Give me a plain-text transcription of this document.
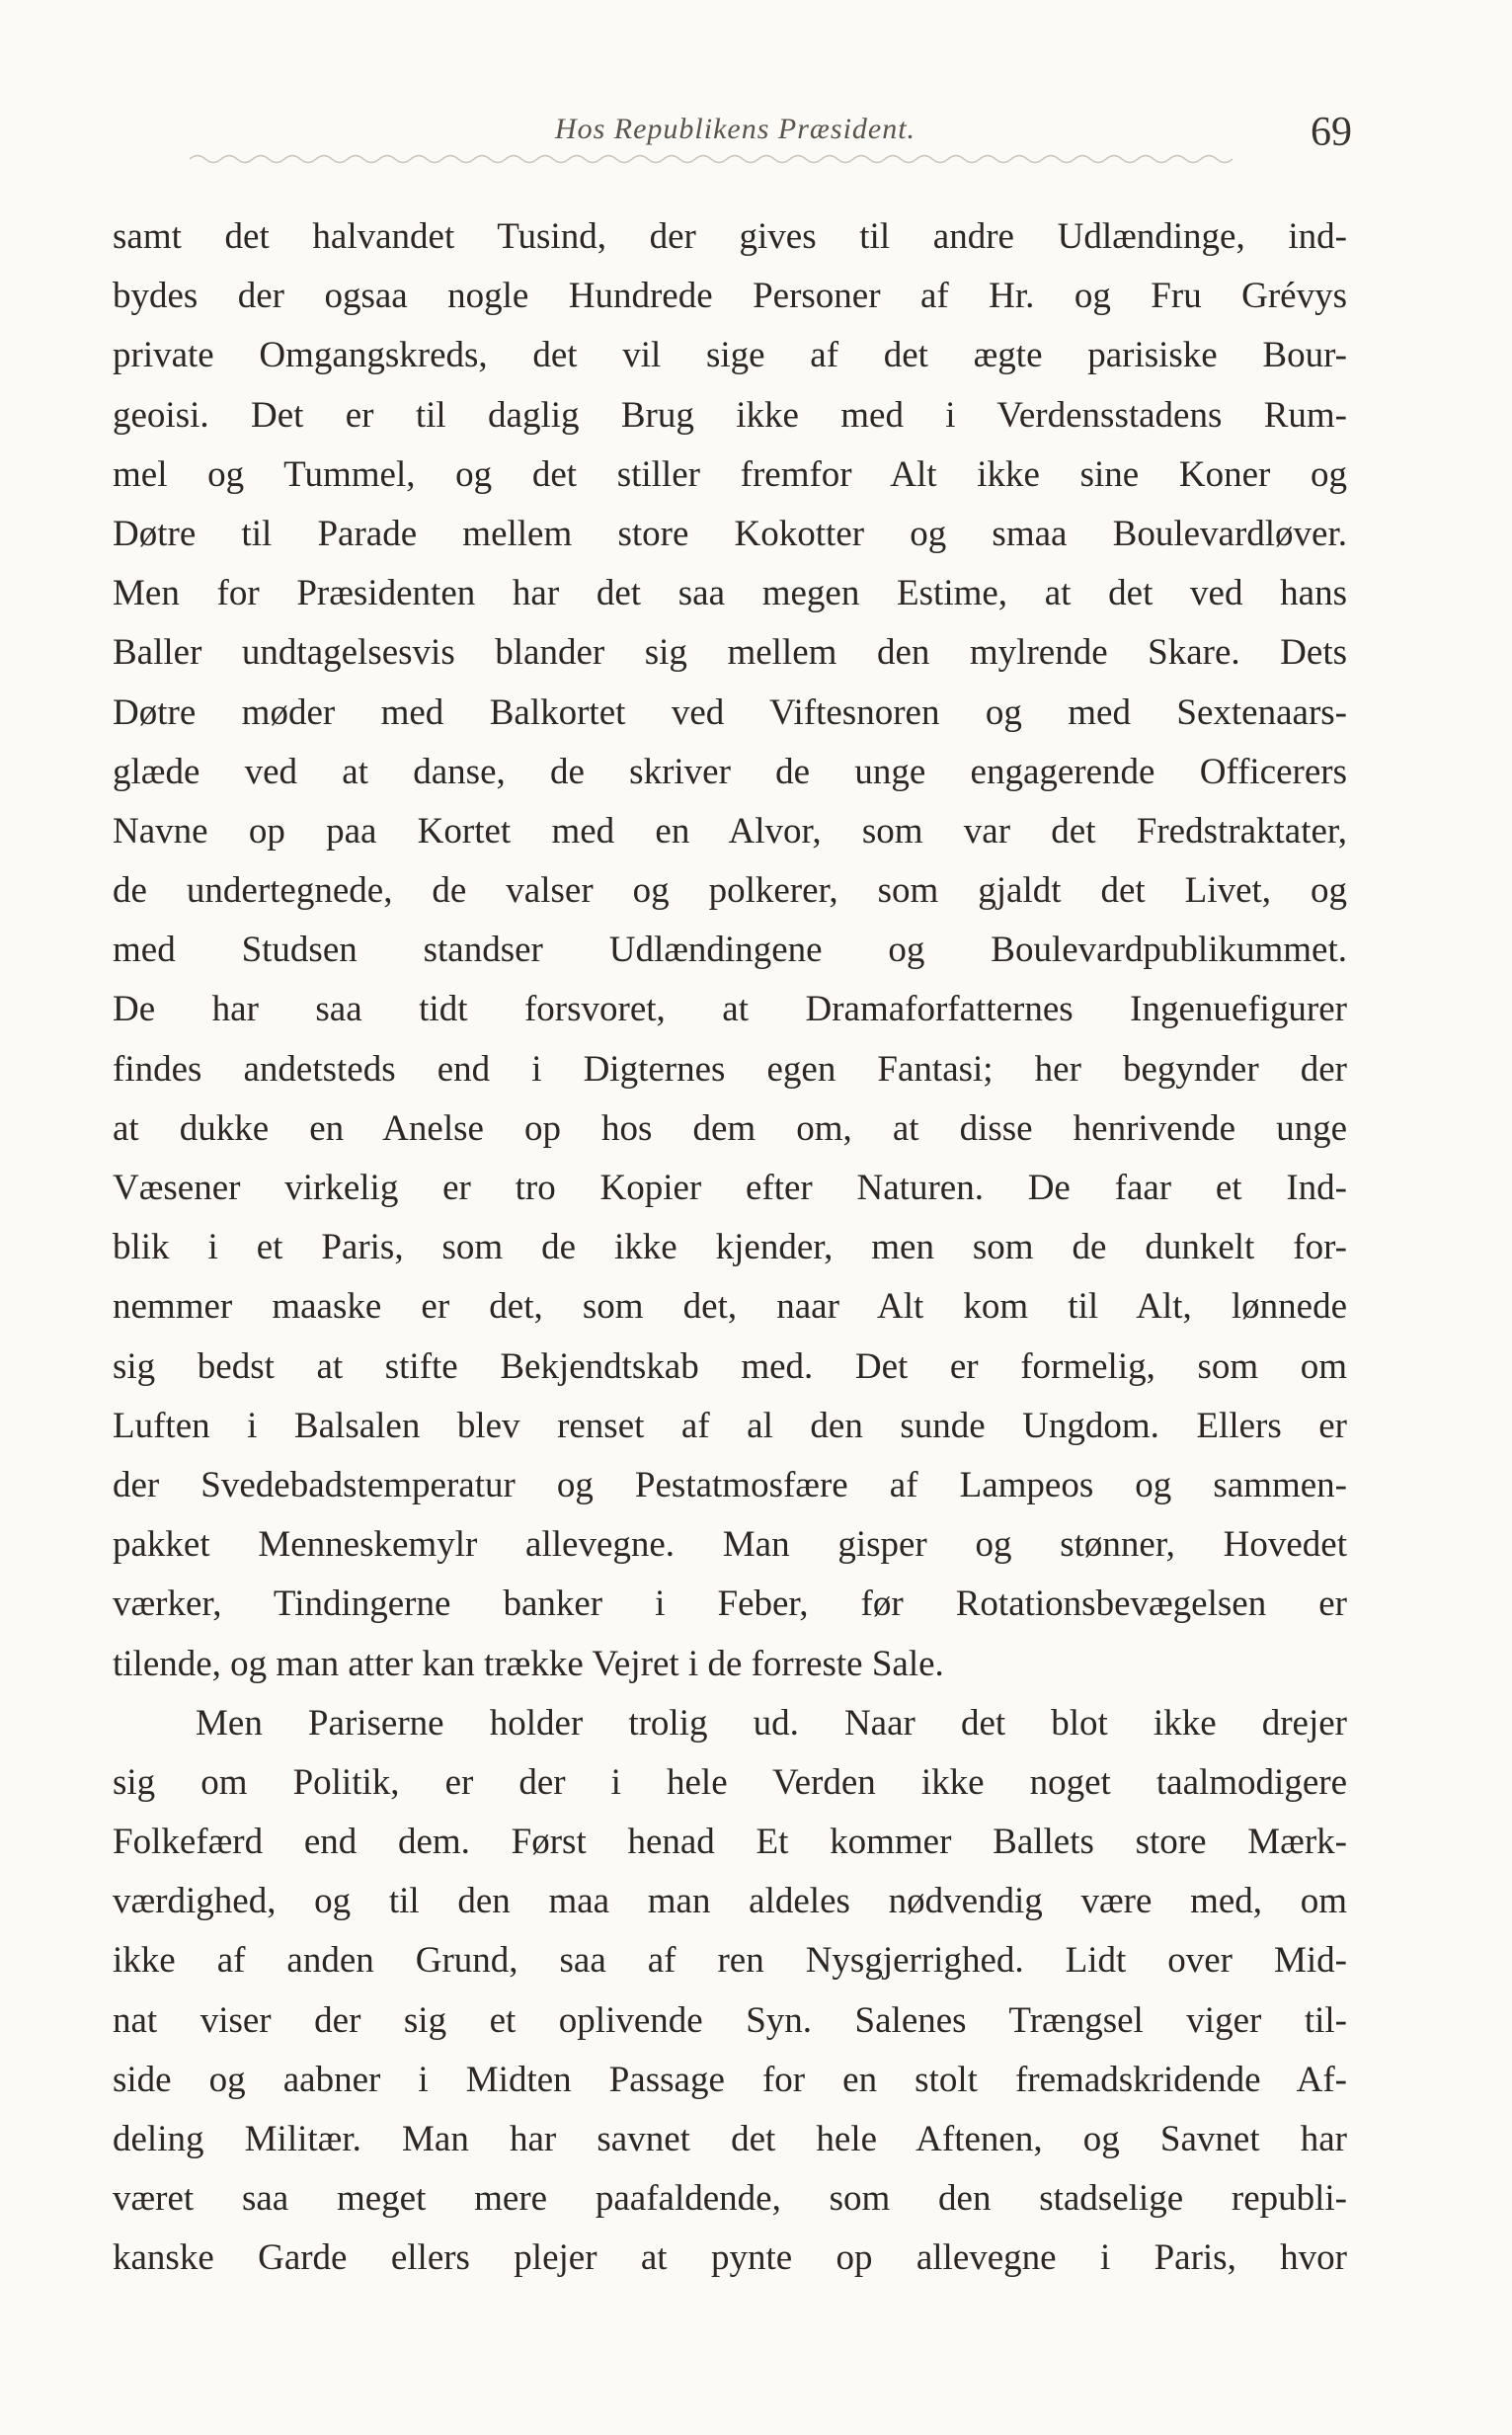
Hos Republikens Præsident.	69
samt det halvandet Tusind, der gives til andre Udlændinge, ind-
bydes der ogsaa nogle Hundrede Personer af Hr. og Fru Grévys
private Omgangskreds, det vil sige af det ægte parisiske Bour-
geoisi. Det er til daglig Brug ikke med i Verdensstadens Rum-
mel og Tummel, og det stiller fremfor Alt ikke sine Koner og
Døtre til Parade mellem store Kokotter og smaa Boulevardløver.
Men for Præsidenten har det saa megen Estime, at det ved hans
Baller undtagelsesvis blander sig mellem den mylrende Skare. Dets
Døtre møder med Balkortet ved Viftesnoren og med Sextenaars-
glæde ved at danse, de skriver de unge engagerende Officerers
Navne op paa Kortet med en Alvor, som var det Fredstraktater,
de undertegnede, de valser og polkerer, som gjaldt det Livet, og
med Studsen standser Udlændingene og Boulevardpublikummet.
De har saa tidt forsvoret, at Dramaforfatternes Ingenuefigurer
findes andetsteds end i Digternes egen Fantasi; her begynder der
at dukke en Anelse op hos dem om, at disse henrivende unge
Væsener virkelig er tro Kopier efter Naturen. De faar et Ind-
blik i et Paris, som de ikke kjender, men som de dunkelt for-
nemmer maaske er det, som det, naar Alt kom til Alt, lønnede
sig bedst at stifte Bekjendtskab med. Det er formelig, som om
Luften i Balsalen blev renset af al den sunde Ungdom. Ellers er
der Svedebadstemperatur og Pestatmosfære af Lampeos og sammen-
pakket Menneskemylr allevegne. Man gisper og stønner, Hovedet
værker, Tindingerne banker i Feber, før Rotationsbevægelsen er
tilende, og man atter kan trække Vejret i de forreste Sale.
Men Pariserne holder trolig ud. Naar det blot ikke drejer
sig om Politik, er der i hele Verden ikke noget taalmodigere
Folkefærd end dem. Først henad Et kommer Ballets store Mærk-
værdighed, og til den maa man aldeles nødvendig være med, om
ikke af anden Grund, saa af ren Nysgjerrighed. Lidt over Mid-
nat viser der sig et oplivende Syn. Salenes Trængsel viger til-
side og aabner i Midten Passage for en stolt fremadskridende Af-
deling Militær. Man har savnet det hele Aftenen, og Savnet har
været saa meget mere paafaldende, som den stadselige republi-
kanske Garde ellers plejer at pynte op allevegne i Paris, hvor
